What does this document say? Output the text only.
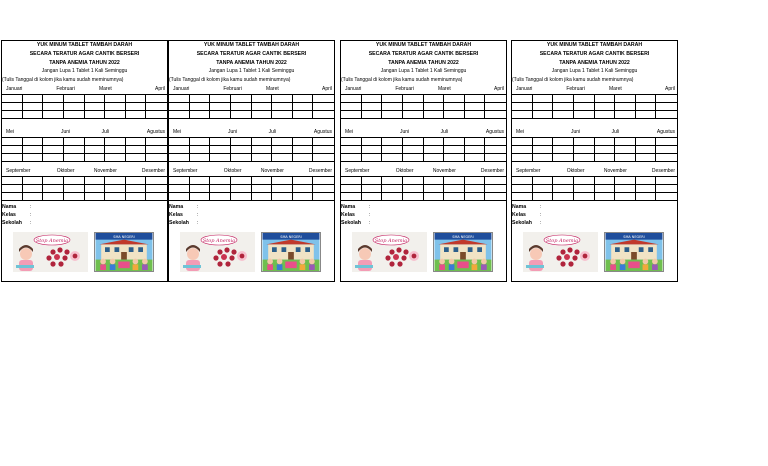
YUK MINUM TABLET TAMBAH DARAH
SECARA TERATUR AGAR CANTIK BERSERI
TANPA ANEMIA TAHUN 2022
Jangan Lupa 1 Tablet 1 Kali Seminggu
(Tulis Tanggal di kolom jika kamu sudah meminumnya)
Januari	Februari	Maret	April
Mei	Juni	Juli	Agustus
September	Oktober	November	Desember
Nama	:
Kelas	:
Sekolah	:
Stop Anemia
SMA NEGERI
YUK MINUM TABLET TAMBAH DARAH
SECARA TERATUR AGAR CANTIK BERSERI
TANPA ANEMIA TAHUN 2022
Jangan Lupa 1 Tablet 1 Kali Seminggu
(Tulis Tanggal di kolom jika kamu sudah meminumnya)
Januari	Februari	Maret	April
Mei	Juni	Juli	Agustus
September	Oktober	November	Desember
Nama	:
Kelas	:
Sekolah	:
Stop Anemia
SMA NEGERI
YUK MINUM TABLET TAMBAH DARAH
SECARA TERATUR AGAR CANTIK BERSERI
TANPA ANEMIA TAHUN 2022
Jangan Lupa 1 Tablet 1 Kali Seminggu
(Tulis Tanggal di kolom jika kamu sudah meminumnya)
Januari	Februari	Maret	April
Mei	Juni	Juli	Agustus
September	Oktober	November	Desember
Nama	:
Kelas	:
Sekolah	:
Stop Anemia
SMA NEGERI
YUK MINUM TABLET TAMBAH DARAH
SECARA TERATUR AGAR CANTIK BERSERI
TANPA ANEMIA TAHUN 2022
Jangan Lupa 1 Tablet 1 Kali Seminggu
(Tulis Tanggal di kolom jika kamu sudah meminumnya)
Januari	Februari	Maret	April
Mei	Juni	Juli	Agustus
September	Oktober	November	Desember
Nama	:
Kelas	:
Sekolah	:
Stop Anemia
SMA NEGERI
